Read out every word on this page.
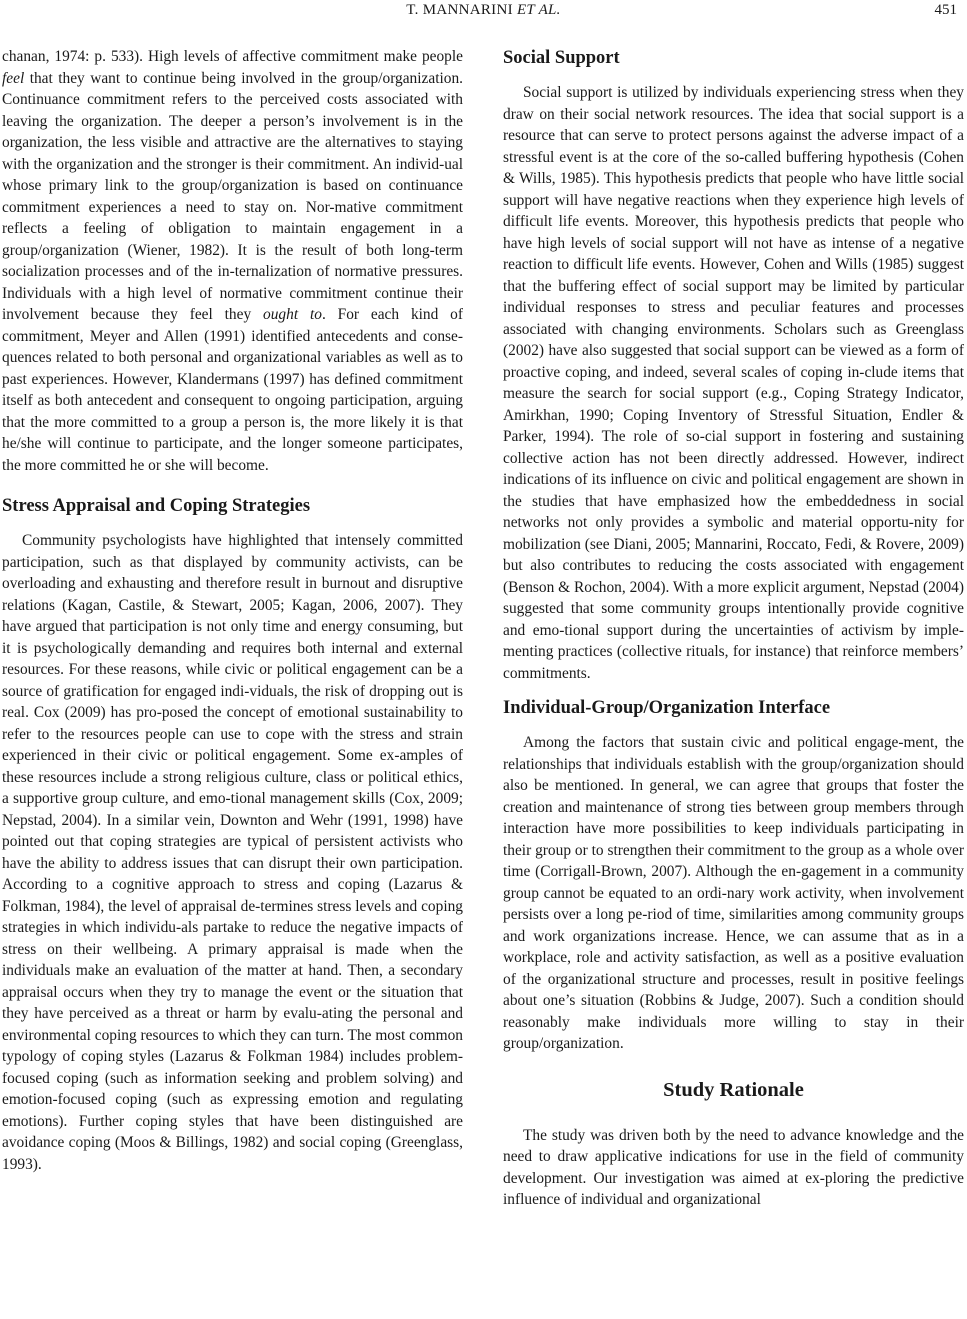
T. MANNARINI ET AL.	451

chanan, 1974: p. 533). High levels of affective commitment make people feel that they want to continue being involved in the group/organization. Continuance commitment refers to the perceived costs associated with leaving the organization. The deeper a person’s involvement is in the organization, the less visible and attractive are the alternatives to staying with the organization and the stronger is their commitment. An individ-ual whose primary link to the group/organization is based on continuance commitment experiences a need to stay on. Nor-mative commitment reflects a feeling of obligation to maintain engagement in a group/organization (Wiener, 1982). It is the result of both long-term socialization processes and of the in-ternalization of normative pressures. Individuals with a high level of normative commitment continue their involvement because they feel they ought to. For each kind of commitment, Meyer and Allen (1991) identified antecedents and conse-quences related to both personal and organizational variables as well as to past experiences. However, Klandermans (1997) has defined commitment itself as both antecedent and consequent to ongoing participation, arguing that the more committed to a group a person is, the more likely it is that he/she will continue to participate, and the longer someone participates, the more committed he or she will become.

Stress Appraisal and Coping Strategies

Community psychologists have highlighted that intensely committed participation, such as that displayed by community activists, can be overloading and exhausting and therefore result in burnout and disruptive relations (Kagan, Castile, & Stewart, 2005; Kagan, 2006, 2007). They have argued that participation is not only time and energy consuming, but it is psychologically demanding and requires both internal and external resources. For these reasons, while civic or political engagement can be a source of gratification for engaged indi-viduals, the risk of dropping out is real. Cox (2009) has pro-posed the concept of emotional sustainability to refer to the resources people can use to cope with the stress and strain experienced in their civic or political engagement. Some ex-amples of these resources include a strong religious culture, class or political ethics, a supportive group culture, and emo-tional management skills (Cox, 2009; Nepstad, 2004). In a similar vein, Downton and Wehr (1991, 1998) have pointed out that coping strategies are typical of persistent activists who have the ability to address issues that can disrupt their own participation. According to a cognitive approach to stress and coping (Lazarus & Folkman, 1984), the level of appraisal de-termines stress levels and coping strategies in which individu-als partake to reduce the negative impacts of stress on their wellbeing. A primary appraisal is made when the individuals make an evaluation of the matter at hand. Then, a secondary appraisal occurs when they try to manage the event or the situation that they have perceived as a threat or harm by evalu-ating the personal and environmental coping resources to which they can turn. The most common typology of coping styles (Lazarus & Folkman 1984) includes problem-focused coping (such as information seeking and problem solving) and emotion-focused coping (such as expressing emotion and regulating emotions). Further coping styles that have been distinguished are avoidance coping (Moos & Billings, 1982) and social coping (Greenglass, 1993).

Social Support

Social support is utilized by individuals experiencing stress when they draw on their social network resources. The idea that social support is a resource that can serve to protect persons against the adverse impact of a stressful event is at the core of the so-called buffering hypothesis (Cohen & Wills, 1985). This hypothesis predicts that people who have little social support will have negative reactions when they experience high levels of difficult life events. Moreover, this hypothesis predicts that people who have high levels of social support will not have as intense of a negative reaction to difficult life events. However, Cohen and Wills (1985) suggest that the buffering effect of social support may be limited by particular individual responses to stress and peculiar features and processes associated with changing environments. Scholars such as Greenglass (2002) have also suggested that social support can be viewed as a form of proactive coping, and indeed, several scales of coping in-clude items that measure the search for social support (e.g., Coping Strategy Indicator, Amirkhan, 1990; Coping Inventory of Stressful Situation, Endler & Parker, 1994). The role of so-cial support in fostering and sustaining collective action has not been directly addressed. However, indirect indications of its influence on civic and political engagement are shown in the studies that have emphasized how the embeddedness in social networks not only provides a symbolic and material opportu-nity for mobilization (see Diani, 2005; Mannarini, Roccato, Fedi, & Rovere, 2009) but also contributes to reducing the costs associated with engagement (Benson & Rochon, 2004). With a more explicit argument, Nepstad (2004) suggested that some community groups intentionally provide cognitive and emo-tional support during the uncertainties of activism by imple-menting practices (collective rituals, for instance) that reinforce members’ commitments.

Individual-Group/Organization Interface

Among the factors that sustain civic and political engage-ment, the relationships that individuals establish with the group/organization should also be mentioned. In general, we can agree that groups that foster the creation and maintenance of strong ties between group members through interaction have more possibilities to keep individuals participating in their group or to strengthen their commitment to the group as a whole over time (Corrigall-Brown, 2007). Although the en-gagement in a community group cannot be equated to an ordi-nary work activity, when involvement persists over a long pe-riod of time, similarities among community groups and work organizations increase. Hence, we can assume that as in a workplace, role and activity satisfaction, as well as a positive evaluation of the organizational structure and processes, result in positive feelings about one’s situation (Robbins & Judge, 2007). Such a condition should reasonably make individuals more willing to stay in their group/organization.

Study Rationale

The study was driven both by the need to advance knowledge and the need to draw applicative indications for use in the field of community development. Our investigation was aimed at ex-ploring the predictive influence of individual and organizational
